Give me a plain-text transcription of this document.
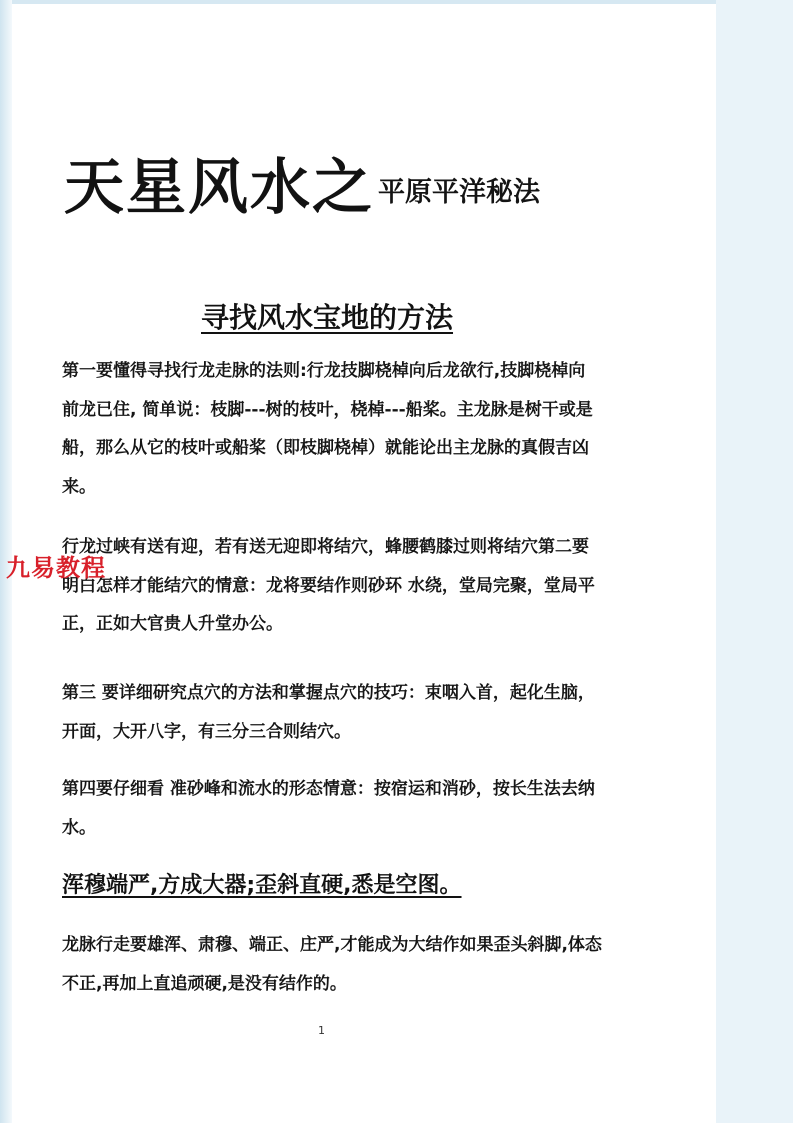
天星风水之 平原平洋秘法
寻找风水宝地的方法

第一要懂得寻找行龙走脉的法则:行龙技脚桡棹向后龙欲行,技脚桡棹向前龙已住, 简单说：枝脚---树的枝叶，桡棹---船桨。主龙脉是树干或是船，那么从它的枝叶或船桨（即枝脚桡棹）就能论出主龙脉的真假吉凶来。

行龙过峡有送有迎，若有送无迎即将结穴，蜂腰鹤膝过则将结穴第二要明白怎样才能结穴的情意：龙将要结作则砂环 水绕，堂局完聚，堂局平正，正如大官贵人升堂办公。

第三 要详细研究点穴的方法和掌握点穴的技巧：束咽入首，起化生脑，开面，大开八字，有三分三合则结穴。

第四要仔细看 准砂峰和流水的形态情意：按宿运和消砂，按长生法去纳水。

浑穆端严,方成大器;歪斜直硬,悉是空图。

龙脉行走要雄浑、肃穆、端正、庄严,才能成为大结作如果歪头斜脚,体态不正,再加上直追顽硬,是没有结作的。

1
九易教程
